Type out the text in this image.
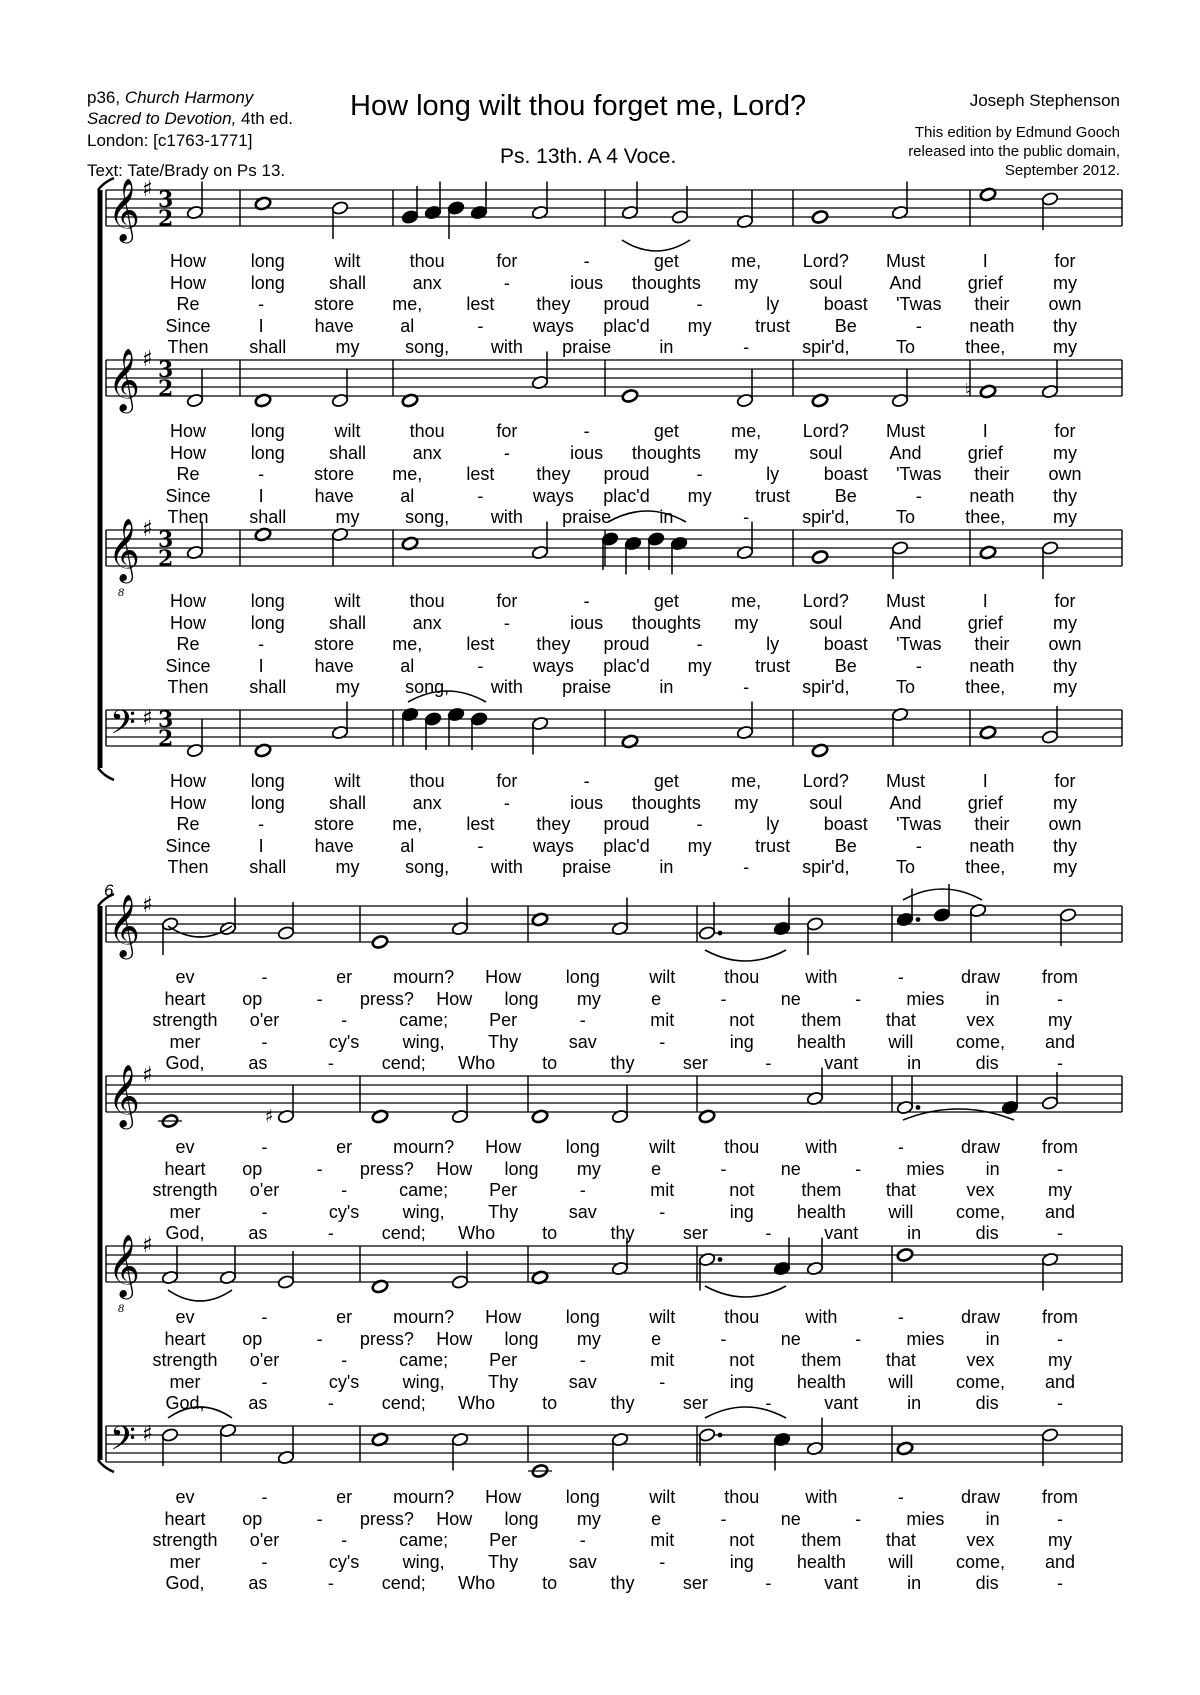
p36, Church Harmony
Sacred to Devotion, 4th ed.
London: [c1763-1771]
Text: Tate/Brady on Ps 13.
How long wilt thou forget me, Lord?
Ps. 13th. A 4 Voce.
Joseph Stephenson
This edition by Edmund Gooch
released into the public domain,
September 2012.
𝄞 ♯ 3
2
𝄞 ♯ 3
2
𝄞
8
♯ 3
2
𝄢 ♯ 3
2
𝄞 ♯
𝄞 ♯
𝄞
8
♯
𝄢 ♯
♮
♯
6
How long	wilt	thou	for	-	get	me, Lord? Must	I	for
How long shall	anx	-	ious thoughts my	soul	And	grief	my
Re	-	store me, lest they proud	-	ly boast 'Twas their own
Since	I	have	al	-	ways plac'd my trust Be	-	neath thy
Then shall	my	song, with praise	in	-	spir'd,	To	thee,	my
How long	wilt	thou	for	-	get	me, Lord? Must	I	for
How long shall	anx	-	ious thoughts my	soul	And	grief	my
Re	-	store me, lest they proud	-	ly boast 'Twas their own
Since	I	have	al	-	ways plac'd my trust Be	-	neath thy
Then shall	my	song, with praise	in	-	spir'd,	To	thee,	my
How long	wilt	thou	for	-	get	me, Lord? Must	I	for
How long shall	anx	-	ious thoughts my	soul	And	grief	my
Re	-	store me, lest they proud	-	ly boast 'Twas their own
Since	I	have	al	-	ways plac'd my trust Be	-	neath thy
Then shall	my	song, with praise	in	-	spir'd,	To	thee,	my
How long	wilt	thou	for	-	get	me, Lord? Must	I	for
How long shall	anx	-	ious thoughts my	soul	And	grief	my
Re	-	store me, lest they proud	-	ly boast 'Twas their own
Since	I	have	al	-	ways plac'd my trust Be	-	neath thy
Then shall	my	song, with praise	in	-	spir'd,	To	thee,	my
ev	-	er mourn? How long	wilt	thou	with	-	draw from
heart op	- press? How long my	e	-	ne	-	mies in	-
strength o'er	-	came; Per	-	mit	not	them that	vex	my
mer	-	cy's wing, Thy	sav	-	ing health will come, and
God, as	-	cend; Who	to	thy	ser	-	vant	in	dis	-
ev	-	er mourn? How long	wilt	thou	with	-	draw from
heart op	- press? How long my	e	-	ne	-	mies in	-
strength o'er	-	came; Per	-	mit	not	them that	vex	my
mer	-	cy's wing, Thy	sav	-	ing health will come, and
God, as	-	cend; Who	to	thy	ser	-	vant	in	dis	-
ev	-	er mourn? How long	wilt	thou	with	-	draw from
heart op	- press? How long my	e	-	ne	-	mies in	-
strength o'er	-	came; Per	-	mit	not	them that	vex	my
mer	-	cy's wing, Thy	sav	-	ing health will come, and
God, as	-	cend; Who	to	thy	ser	-	vant	in	dis	-
ev	-	er mourn? How long	wilt	thou	with	-	draw from
heart op	- press? How long my	e	-	ne	-	mies in	-
strength o'er	-	came; Per	-	mit	not	them that	vex	my
mer	-	cy's wing, Thy	sav	-	ing health will come, and
God, as	-	cend; Who	to	thy	ser	-	vant	in	dis	-
